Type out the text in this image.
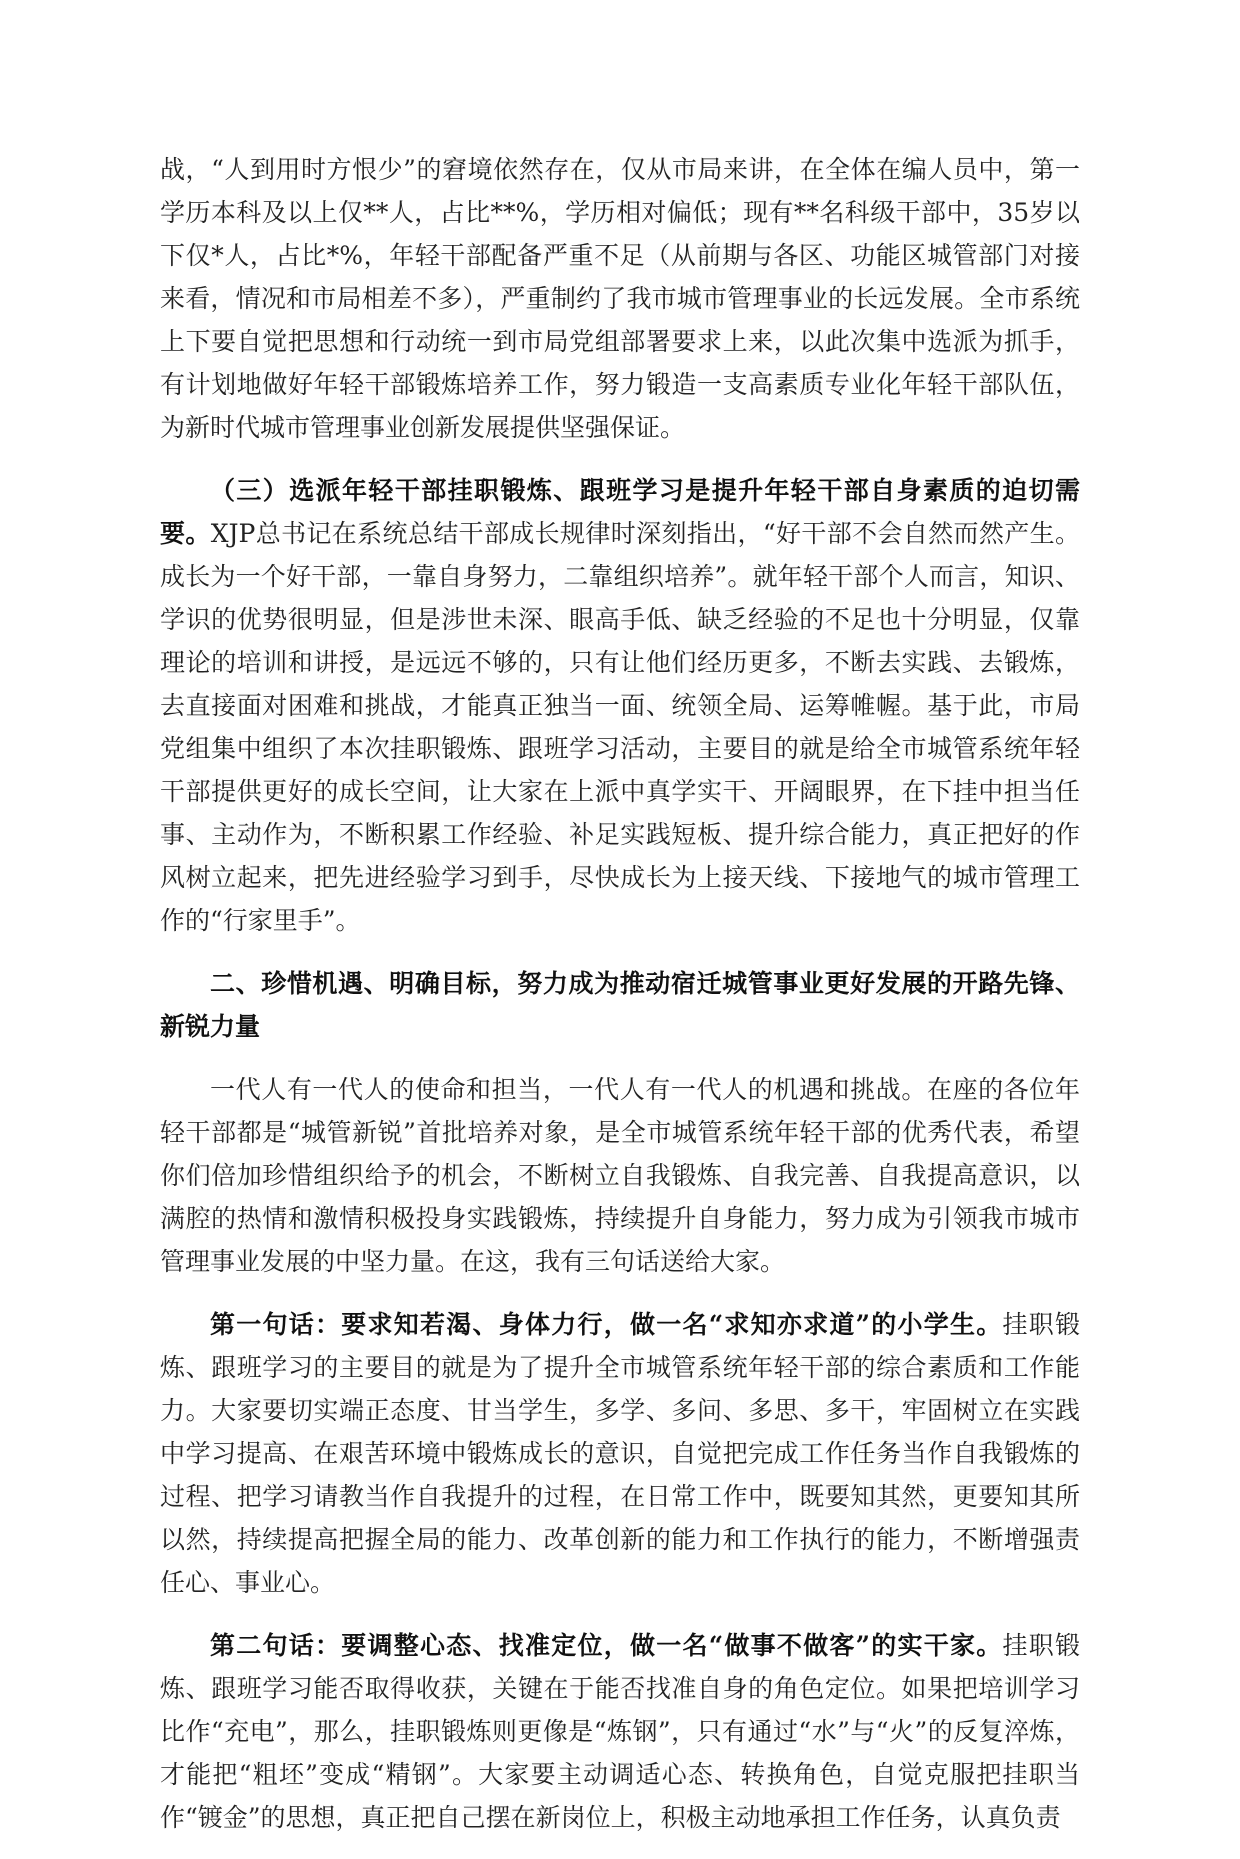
战，“人到用时方恨少”的窘境依然存在，仅从市局来讲，在全体在编人员中，第一学历本科及以上仅**人，占比**%，学历相对偏低；现有**名科级干部中，35岁以下仅*人，占比*%，年轻干部配备严重不足（从前期与各区、功能区城管部门对接来看，情况和市局相差不多），严重制约了我市城市管理事业的长远发展。全市系统上下要自觉把思想和行动统一到市局党组部署要求上来，以此次集中选派为抓手，有计划地做好年轻干部锻炼培养工作，努力锻造一支高素质专业化年轻干部队伍，为新时代城市管理事业创新发展提供坚强保证。

（三）选派年轻干部挂职锻炼、跟班学习是提升年轻干部自身素质的迫切需要。XJP总书记在系统总结干部成长规律时深刻指出，“好干部不会自然而然产生。成长为一个好干部，一靠自身努力，二靠组织培养”。就年轻干部个人而言，知识、学识的优势很明显，但是涉世未深、眼高手低、缺乏经验的不足也十分明显，仅靠理论的培训和讲授，是远远不够的，只有让他们经历更多，不断去实践、去锻炼，去直接面对困难和挑战，才能真正独当一面、统领全局、运筹帷幄。基于此，市局党组集中组织了本次挂职锻炼、跟班学习活动，主要目的就是给全市城管系统年轻干部提供更好的成长空间，让大家在上派中真学实干、开阔眼界，在下挂中担当任事、主动作为，不断积累工作经验、补足实践短板、提升综合能力，真正把好的作风树立起来，把先进经验学习到手，尽快成长为上接天线、下接地气的城市管理工作的“行家里手”。

二、珍惜机遇、明确目标，努力成为推动宿迁城管事业更好发展的开路先锋、新锐力量

一代人有一代人的使命和担当，一代人有一代人的机遇和挑战。在座的各位年轻干部都是“城管新锐”首批培养对象，是全市城管系统年轻干部的优秀代表，希望你们倍加珍惜组织给予的机会，不断树立自我锻炼、自我完善、自我提高意识，以满腔的热情和激情积极投身实践锻炼，持续提升自身能力，努力成为引领我市城市管理事业发展的中坚力量。在这，我有三句话送给大家。

第一句话：要求知若渴、身体力行，做一名“求知亦求道”的小学生。挂职锻炼、跟班学习的主要目的就是为了提升全市城管系统年轻干部的综合素质和工作能力。大家要切实端正态度、甘当学生，多学、多问、多思、多干，牢固树立在实践中学习提高、在艰苦环境中锻炼成长的意识，自觉把完成工作任务当作自我锻炼的过程、把学习请教当作自我提升的过程，在日常工作中，既要知其然，更要知其所以然，持续提高把握全局的能力、改革创新的能力和工作执行的能力，不断增强责任心、事业心。

第二句话：要调整心态、找准定位，做一名“做事不做客”的实干家。挂职锻炼、跟班学习能否取得收获，关键在于能否找准自身的角色定位。如果把培训学习比作“充电”，那么，挂职锻炼则更像是“炼钢”，只有通过“水”与“火”的反复淬炼，才能把“粗坯”变成“精钢”。大家要主动调适心态、转换角色，自觉克服把挂职当作“镀金”的思想，真正把自己摆在新岗位上，积极主动地承担工作任务，认真负责
